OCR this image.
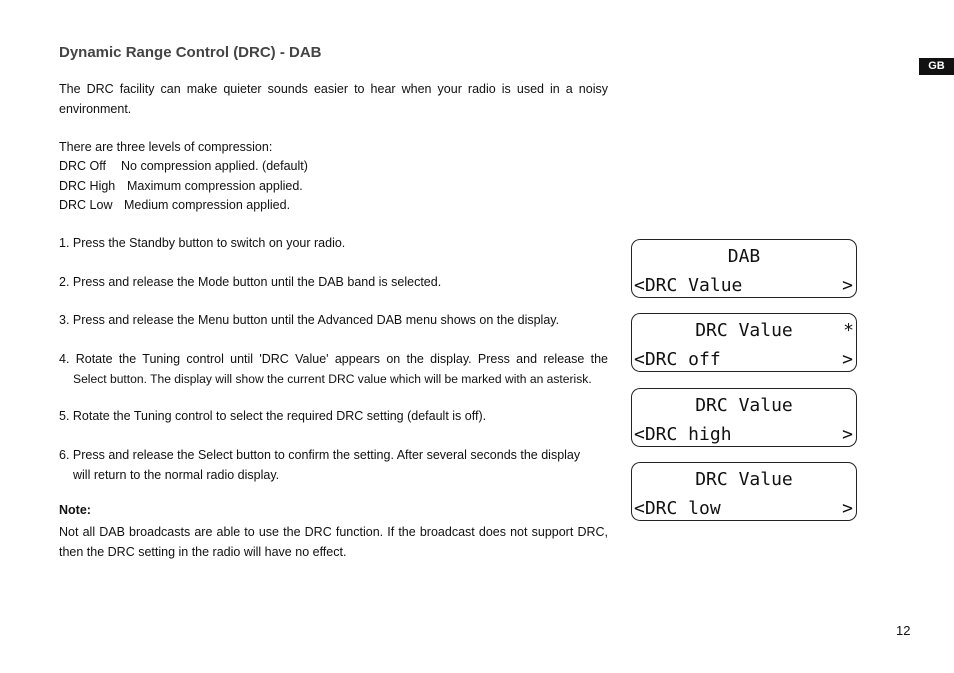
Dynamic Range Control (DRC) - DAB
GB
The DRC facility can make quieter sounds easier to hear when your radio is used in a noisy environment.
There are three levels of compression:
DRC Off No compression applied. (default)
DRC High Maximum compression applied.
DRC Low Medium compression applied.
1. Press the Standby button to switch on your radio.
2. Press and release the Mode button until the DAB band is selected.
3. Press and release the Menu button until the Advanced DAB menu shows on the display.
4. Rotate the Tuning control until 'DRC Value' appears on the display. Press and release the
Select button. The display will show the current DRC value which will be marked with an asterisk.
5. Rotate the Tuning control to select the required DRC setting (default is off).
6. Press and release the Select button to confirm the setting. After several seconds the display
will return to the normal radio display.
Note:
Not all DAB broadcasts are able to use the DRC function. If the broadcast does not support DRC, then the DRC setting in the radio will have no effect.
DAB
<DRC Value	>
DRC Value	*
<DRC off	>
DRC Value
<DRC high	>
DRC Value
<DRC low	>
12
